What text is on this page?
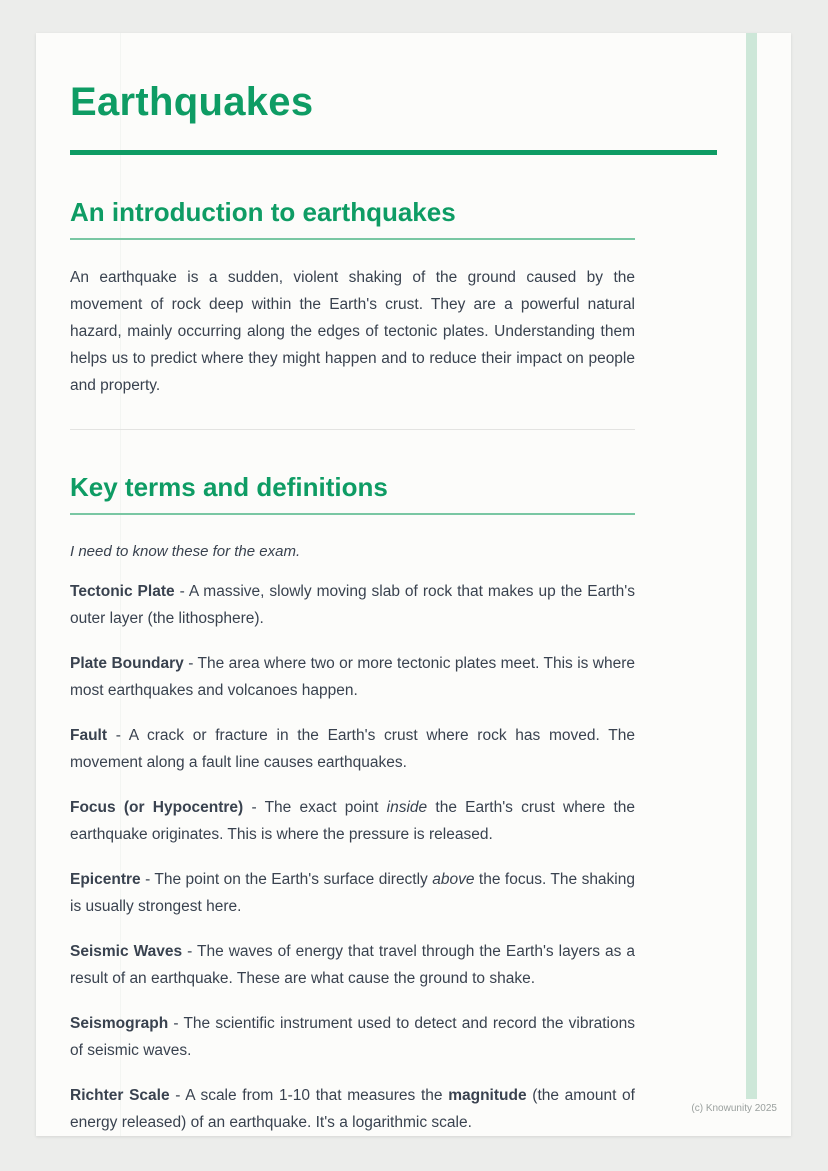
Earthquakes
An introduction to earthquakes

An earthquake is a sudden, violent shaking of the ground caused by the movement of rock deep within the Earth's crust. They are a powerful natural hazard, mainly occurring along the edges of tectonic plates. Understanding them helps us to predict where they might happen and to reduce their impact on people and property.

Key terms and definitions

I need to know these for the exam.

Tectonic Plate - A massive, slowly moving slab of rock that makes up the Earth's outer layer (the lithosphere).

Plate Boundary - The area where two or more tectonic plates meet. This is where most earthquakes and volcanoes happen.

Fault - A crack or fracture in the Earth's crust where rock has moved. The movement along a fault line causes earthquakes.

Focus (or Hypocentre) - The exact point inside the Earth's crust where the earthquake originates. This is where the pressure is released.

Epicentre - The point on the Earth's surface directly above the focus. The shaking is usually strongest here.

Seismic Waves - The waves of energy that travel through the Earth's layers as a result of an earthquake. These are what cause the ground to shake.

Seismograph - The scientific instrument used to detect and record the vibrations of seismic waves.

Richter Scale - A scale from 1-10 that measures the magnitude (the amount of energy released) of an earthquake. It's a logarithmic scale.

(c) Knowunity 2025
